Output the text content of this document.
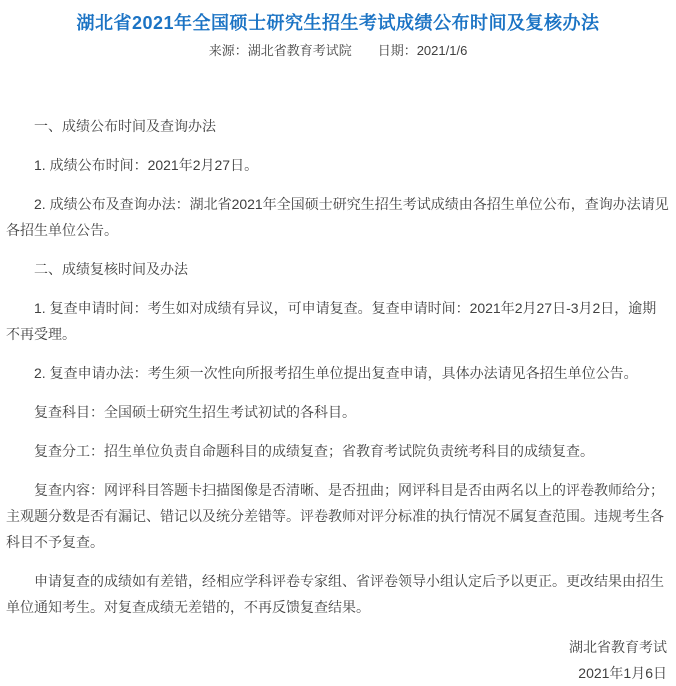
湖北省2021年全国硕士研究生招生考试成绩公布时间及复核办法
来源：湖北省教育考试院 日期：2021/1/6

一、成绩公布时间及查询办法

1. 成绩公布时间：2021年2月27日。

2. 成绩公布及查询办法：湖北省2021年全国硕士研究生招生考试成绩由各招生单位公布，查询办法请见各招生单位公告。

二、成绩复核时间及办法

1. 复查申请时间：考生如对成绩有异议，可申请复查。复查申请时间：2021年2月27日-3月2日，逾期不再受理。

2. 复查申请办法：考生须一次性向所报考招生单位提出复查申请，具体办法请见各招生单位公告。

复查科目：全国硕士研究生招生考试初试的各科目。

复查分工：招生单位负责自命题科目的成绩复查；省教育考试院负责统考科目的成绩复查。

复查内容：网评科目答题卡扫描图像是否清晰、是否扭曲；网评科目是否由两名以上的评卷教师给分；主观题分数是否有漏记、错记以及统分差错等。评卷教师对评分标准的执行情况不属复查范围。违规考生各科目不予复查。

申请复查的成绩如有差错，经相应学科评卷专家组、省评卷领导小组认定后予以更正。更改结果由招生单位通知考生。对复查成绩无差错的，不再反馈复查结果。

湖北省教育考试
2021年1月6日
